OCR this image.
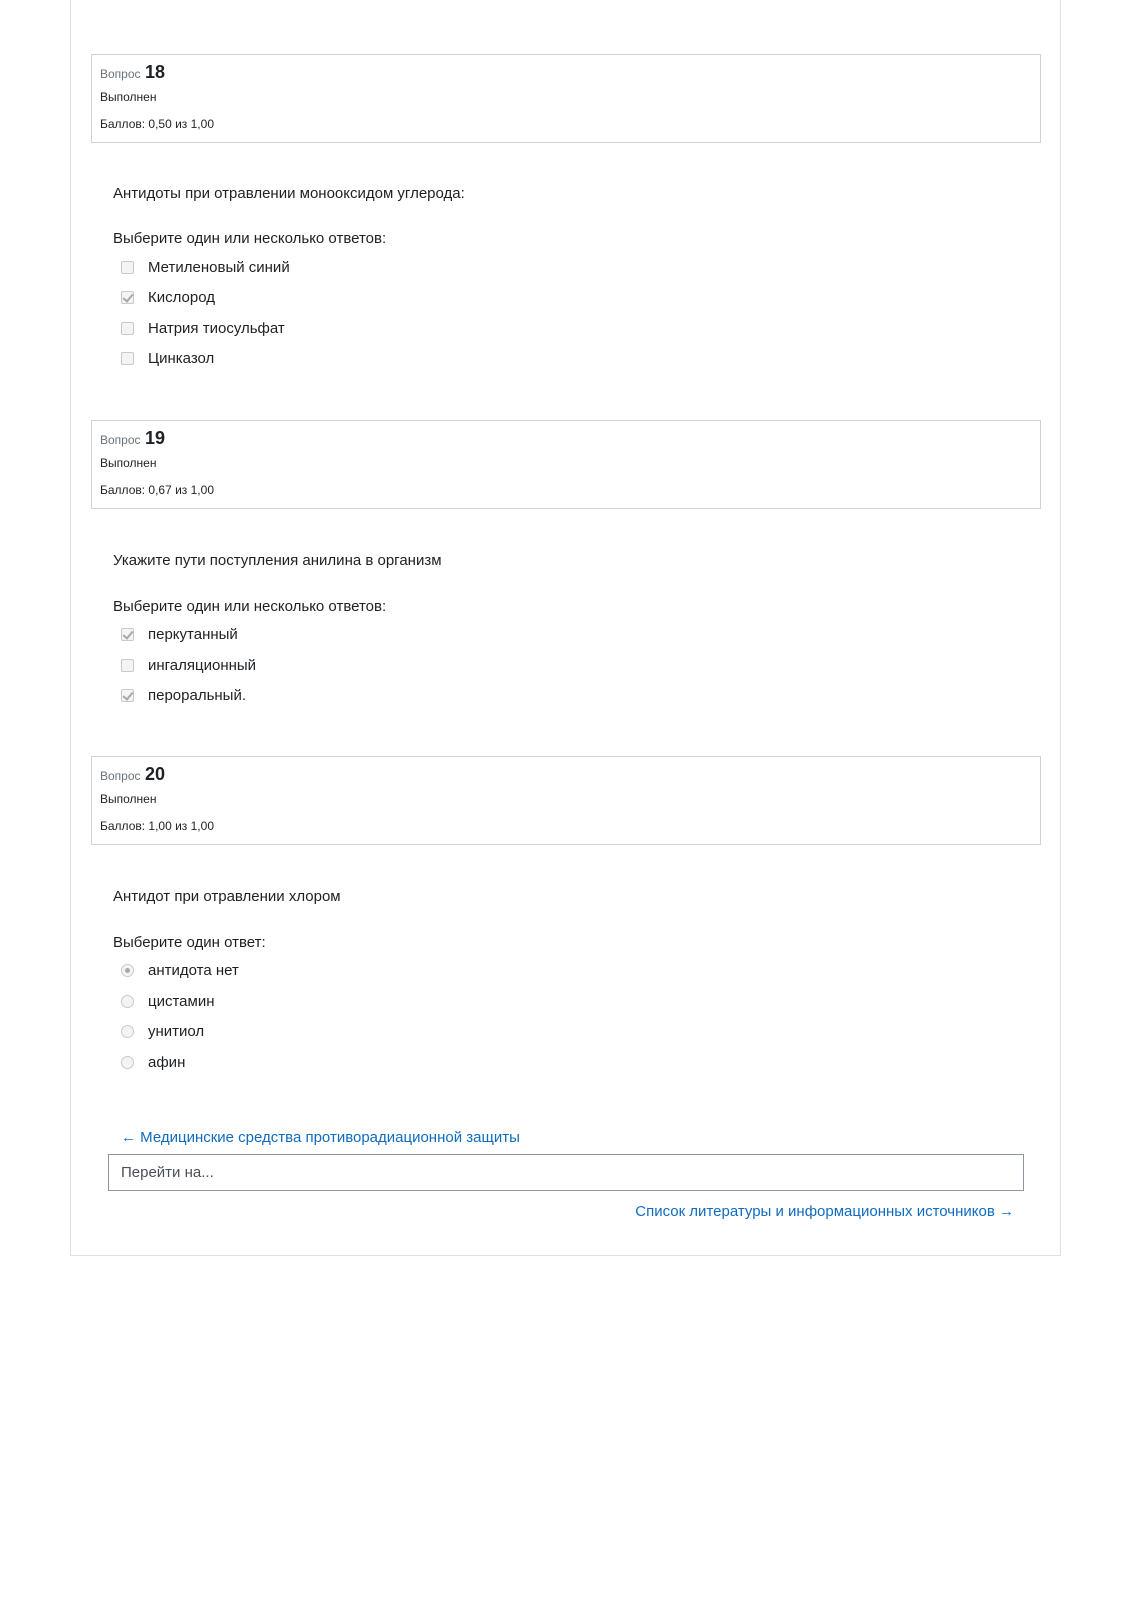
Вопрос 18
Выполнен
Баллов: 0,50 из 1,00
Антидоты при отравлении монооксидом углерода:
Выберите один или несколько ответов:
Метиленовый синий
Кислород
Натрия тиосульфат
Цинказол
Вопрос 19
Выполнен
Баллов: 0,67 из 1,00
Укажите пути поступления анилина в организм
Выберите один или несколько ответов:
перкутанный
ингаляционный
пероральный.
Вопрос 20
Выполнен
Баллов: 1,00 из 1,00
Антидот при отравлении хлором
Выберите один ответ:
антидота нет
цистамин
унитиол
афин
← Медицинские средства противорадиационной защиты
Перейти на...
Список литературы и информационных источников →
